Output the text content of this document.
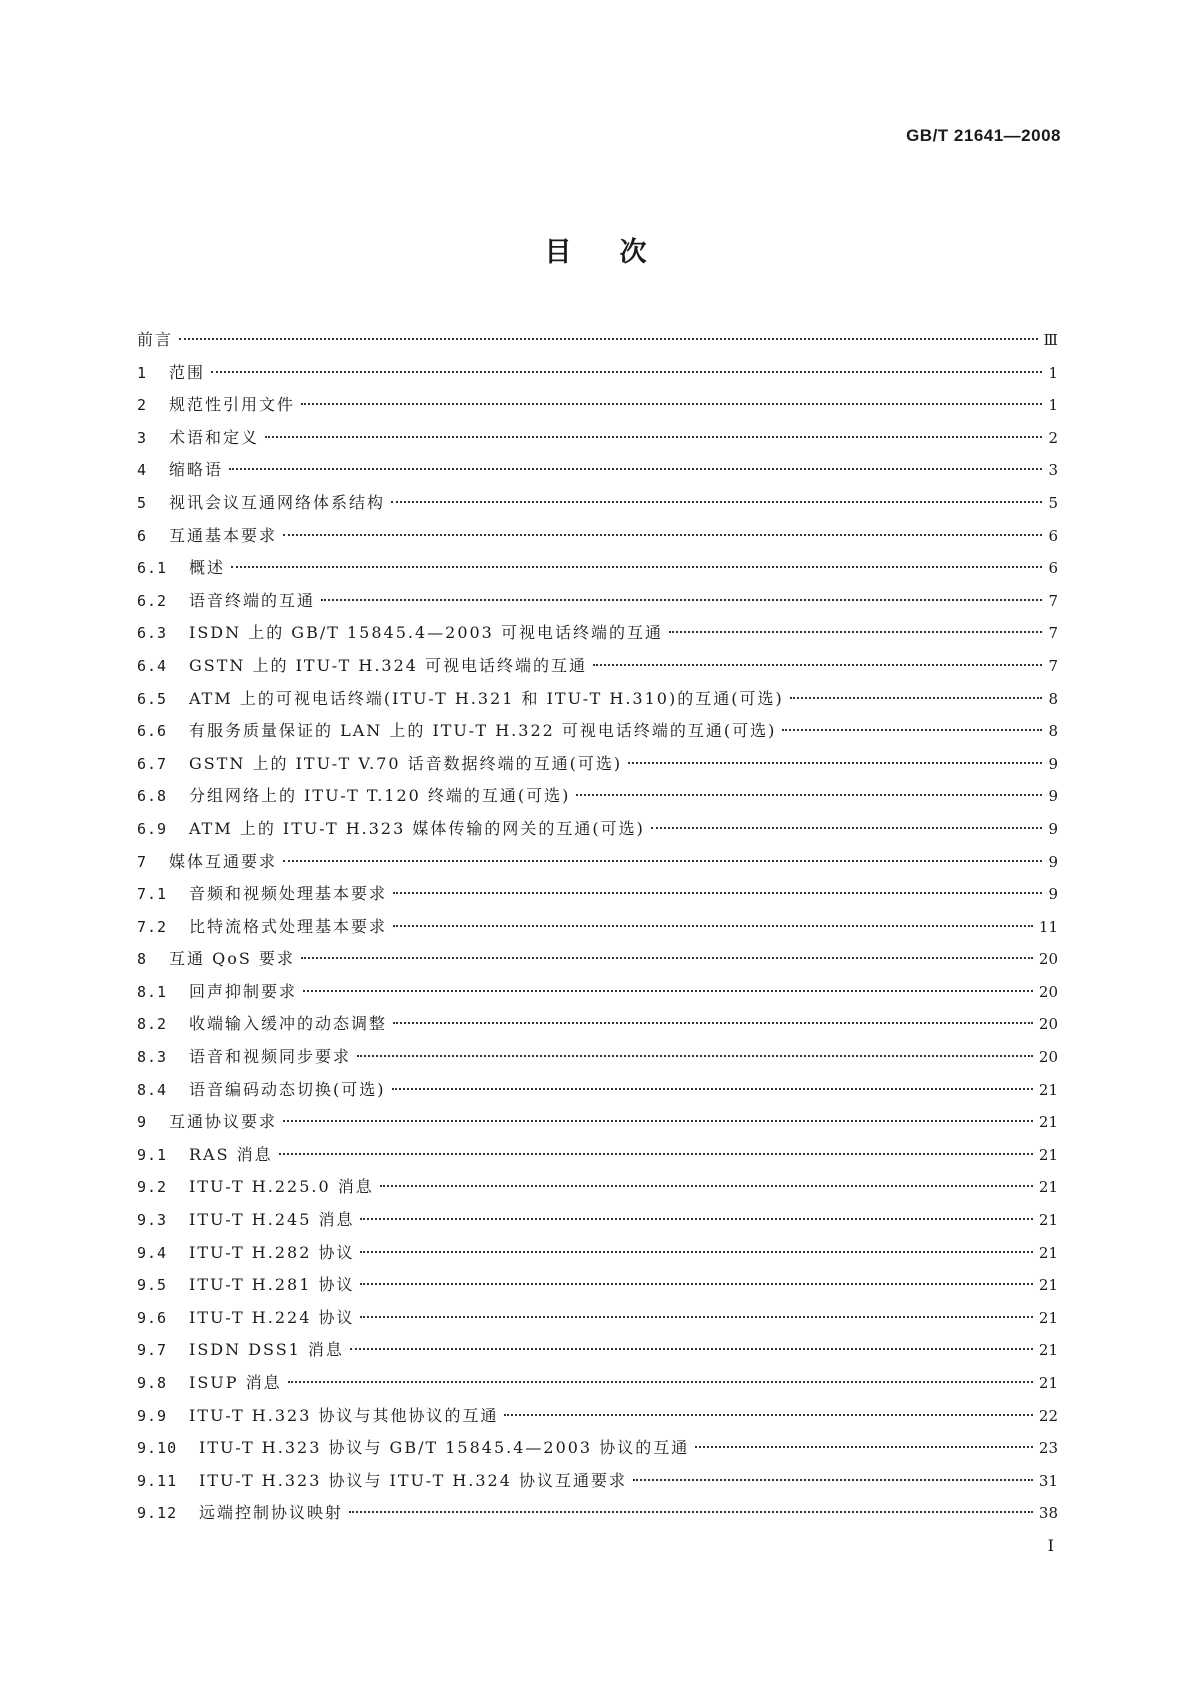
GB/T 21641—2008
目次
前言	Ⅲ
1	范围	1
2	规范性引用文件	1
3	术语和定义	2
4	缩略语	3
5	视讯会议互通网络体系结构	5
6	互通基本要求	6
6.1	概述	6
6.2	语音终端的互通	7
6.3	ISDN 上的 GB/T 15845.4—2003 可视电话终端的互通	7
6.4	GSTN 上的 ITU-T H.324 可视电话终端的互通	7
6.5	ATM 上的可视电话终端(ITU-T H.321 和 ITU-T H.310)的互通(可选)	8
6.6	有服务质量保证的 LAN 上的 ITU-T H.322 可视电话终端的互通(可选)	8
6.7	GSTN 上的 ITU-T V.70 话音数据终端的互通(可选)	9
6.8	分组网络上的 ITU-T T.120 终端的互通(可选)	9
6.9	ATM 上的 ITU-T H.323 媒体传输的网关的互通(可选)	9
7	媒体互通要求	9
7.1	音频和视频处理基本要求	9
7.2	比特流格式处理基本要求	11
8	互通 QoS 要求	20
8.1	回声抑制要求	20
8.2	收端输入缓冲的动态调整	20
8.3	语音和视频同步要求	20
8.4	语音编码动态切换(可选)	21
9	互通协议要求	21
9.1	RAS 消息	21
9.2	ITU-T H.225.0 消息	21
9.3	ITU-T H.245 消息	21
9.4	ITU-T H.282 协议	21
9.5	ITU-T H.281 协议	21
9.6	ITU-T H.224 协议	21
9.7	ISDN DSS1 消息	21
9.8	ISUP 消息	21
9.9	ITU-T H.323 协议与其他协议的互通	22
9.10	ITU-T H.323 协议与 GB/T 15845.4—2003 协议的互通	23
9.11	ITU-T H.323 协议与 ITU-T H.324 协议互通要求	31
9.12	远端控制协议映射	38
I
